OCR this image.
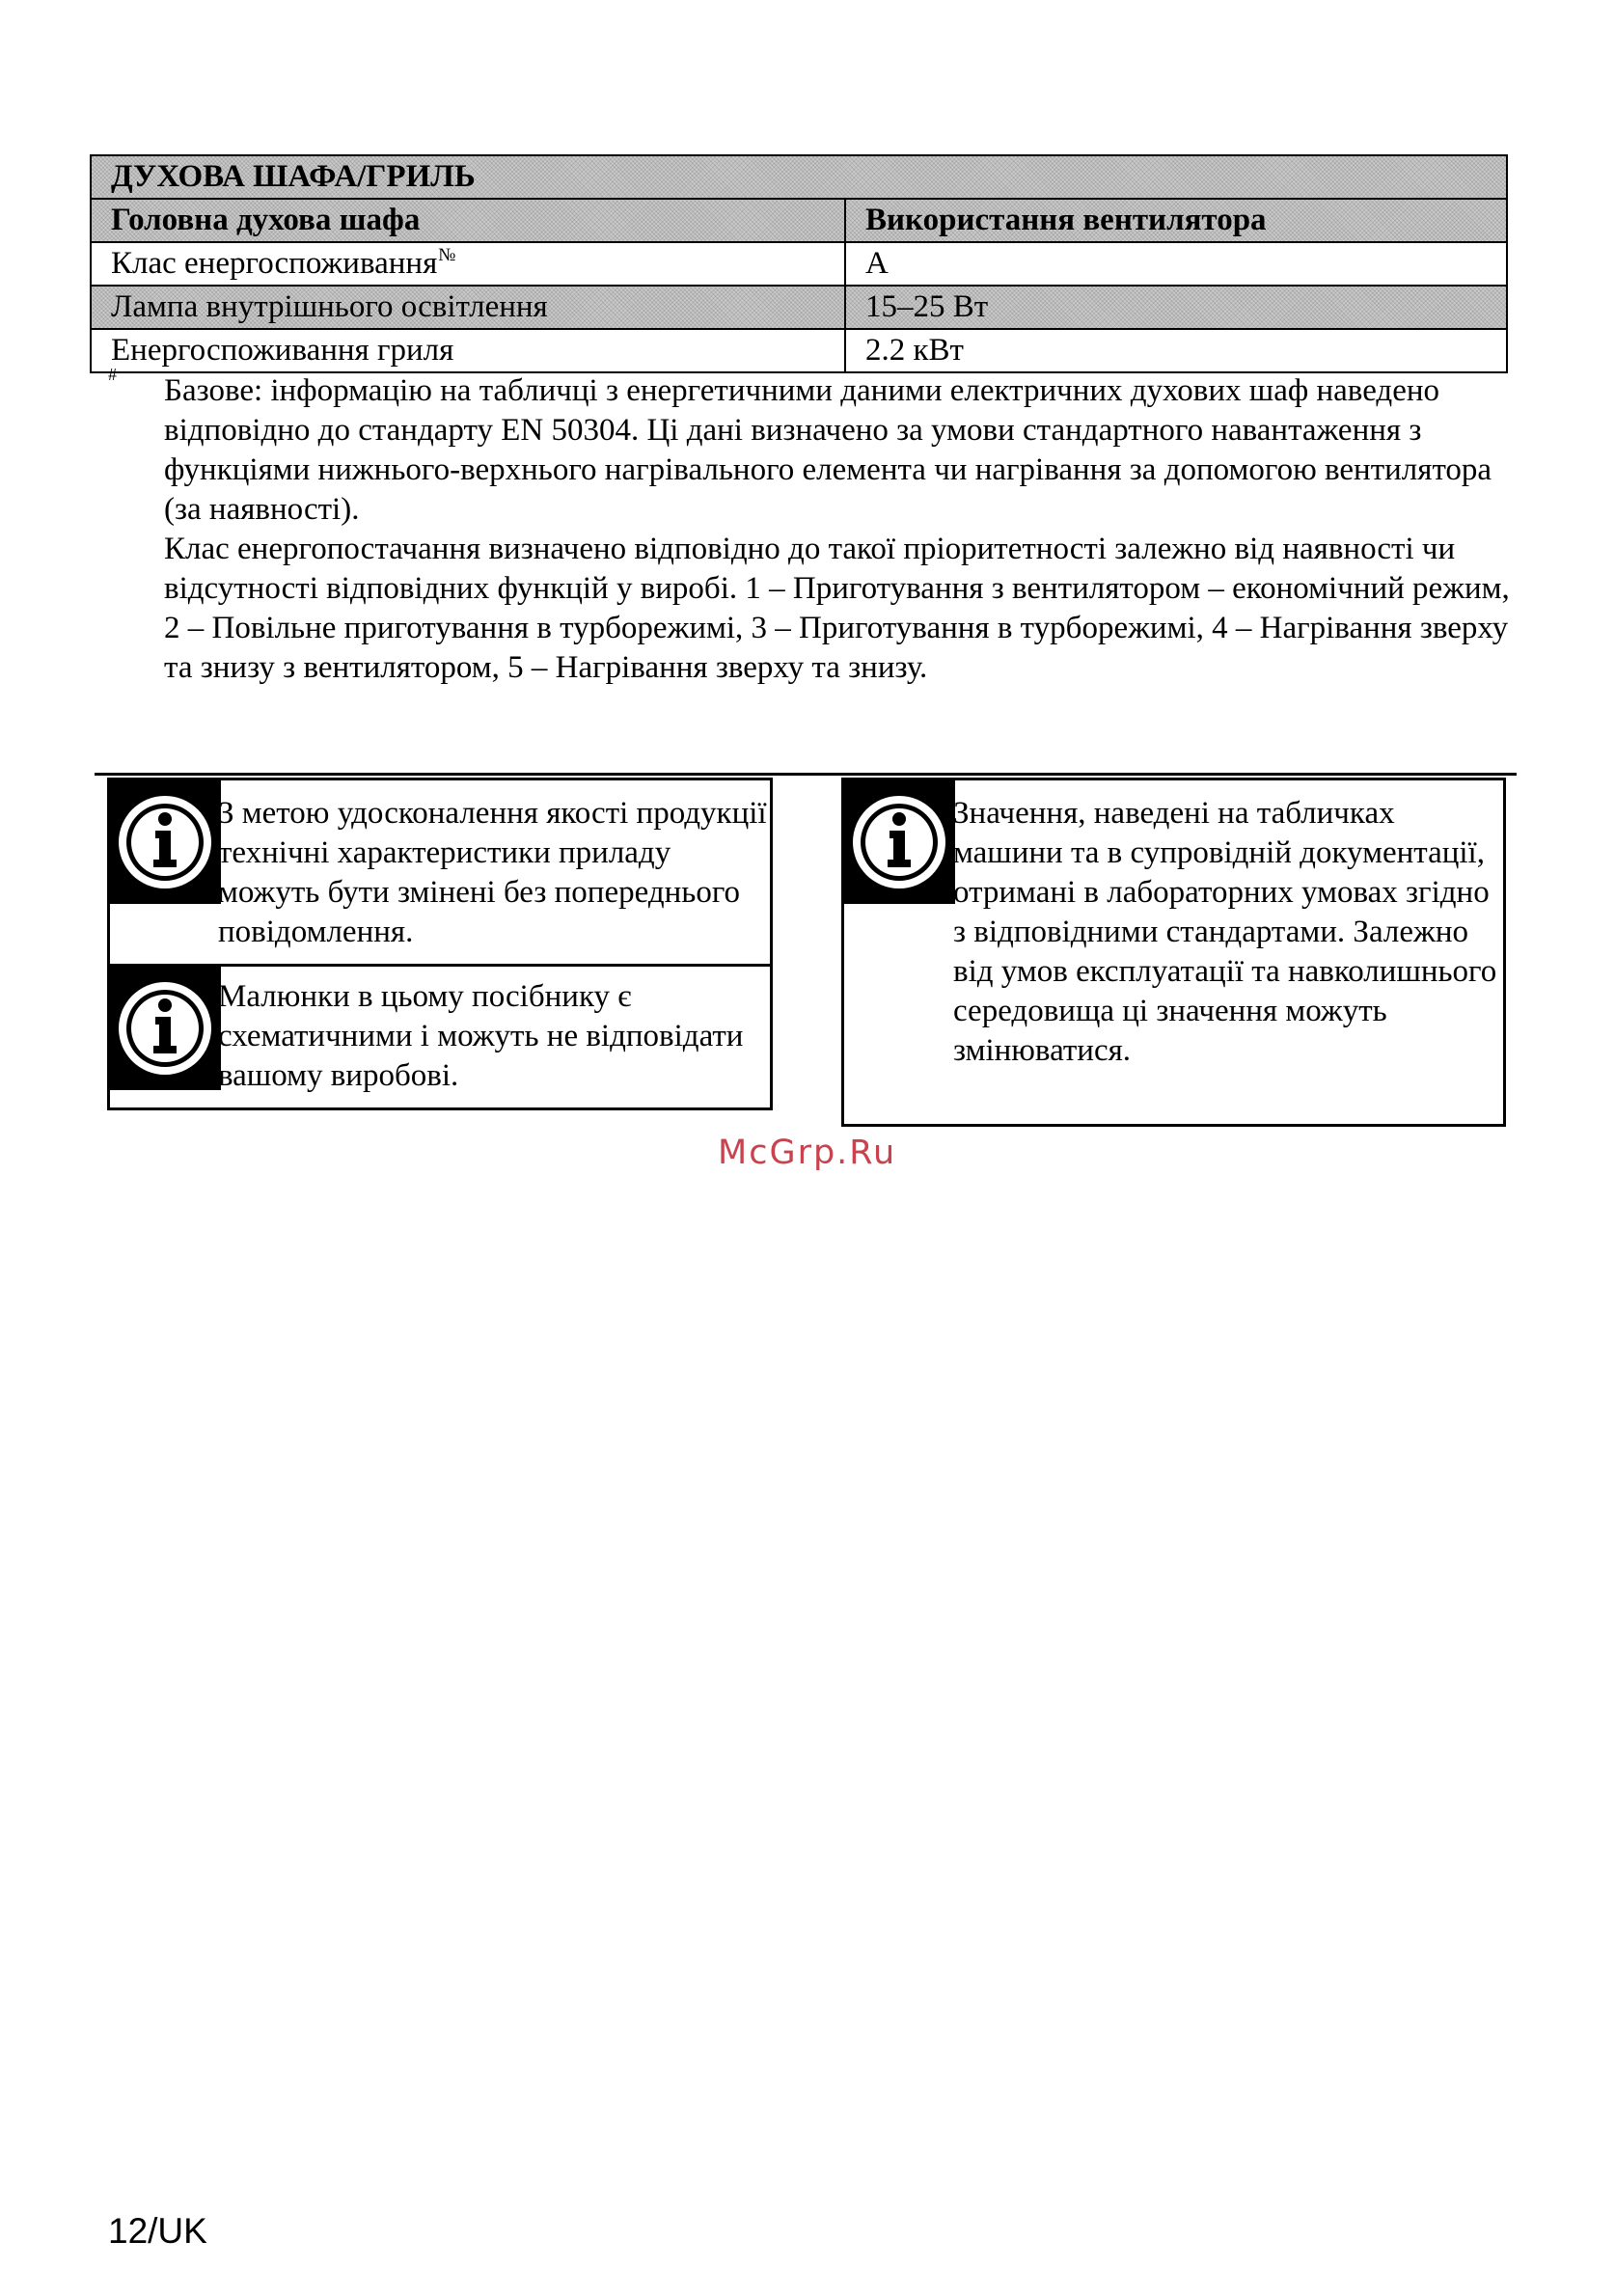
ДУХОВА ШАФА/ГРИЛЬ	
Головна духова шафа	Використання вентилятора
Клас енергоспоживання№	A
Лампа внутрішнього освітлення	15–25 Вт
Енергоспоживання гриля	2.2 кВт
# Базове: інформацію на табличці з енергетичними даними електричних духових шаф наведено відповідно до стандарту EN 50304. Ці дані визначено за умови стандартного навантаження з функціями нижнього-верхнього нагрівального елемента чи нагрівання за допомогою вентилятора (за наявності).

Клас енергопостачання визначено відповідно до такої пріоритетності залежно від наявності чи відсутності відповідних функцій у виробі. 1 – Приготування з вентилятором – економічний режим, 2 – Повільне приготування в турборежимі, 3 – Приготування в турборежимі, 4 – Нагрівання зверху та знизу з вентилятором, 5 – Нагрівання зверху та знизу.

З метою удосконалення якості продукції технічні характеристики приладу можуть бути змінені без попереднього повідомлення.
Малюнки в цьому посібнику є схематичними і можуть не відповідати вашому виробові.
Значення, наведені на табличках машини та в супровідній документації, отримані в лабораторних умовах згідно з відповідними стандартами. Залежно від умов експлуатації та навколишнього середовища ці значення можуть змінюватися.
McGrp.Ru
12/UK
